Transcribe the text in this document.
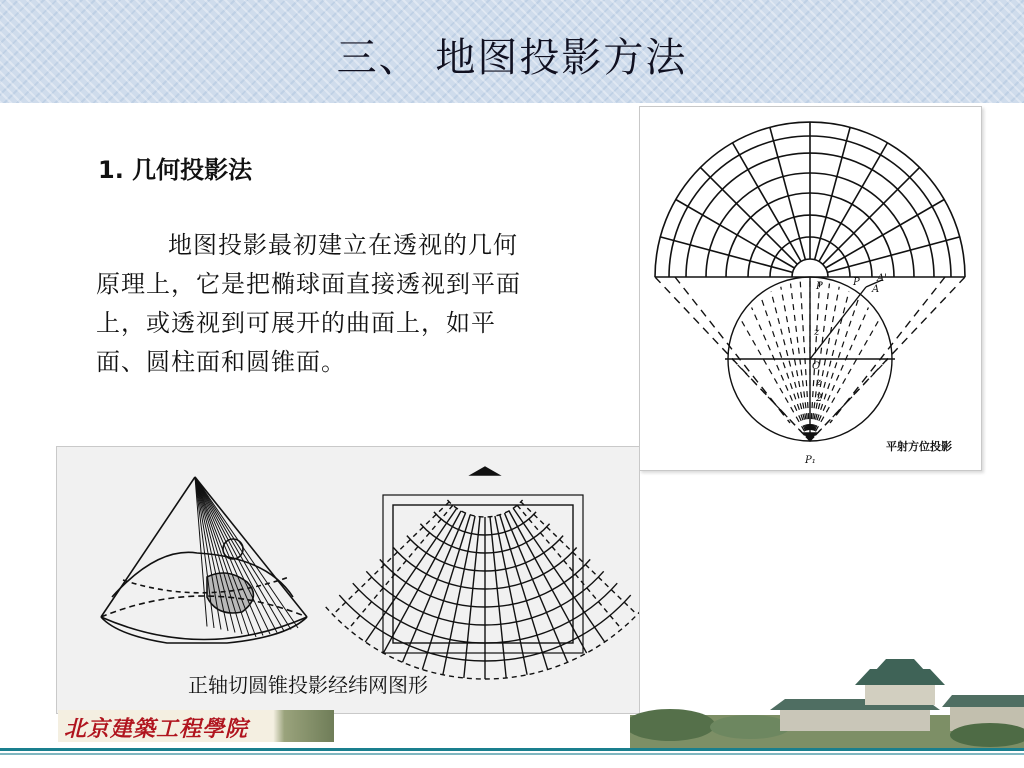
三、 地图投影方法
1. 几何投影法
地图投影最初建立在透视的几何原理上，它是把椭球面直接透视到平面上，或透视到可展开的曲面上，如平面、圆柱面和圆锥面。
P	P A'
A
z
O
z
2
P₁
平射方位投影
正轴切圆锥投影经纬网图形
北京建築工程學院
